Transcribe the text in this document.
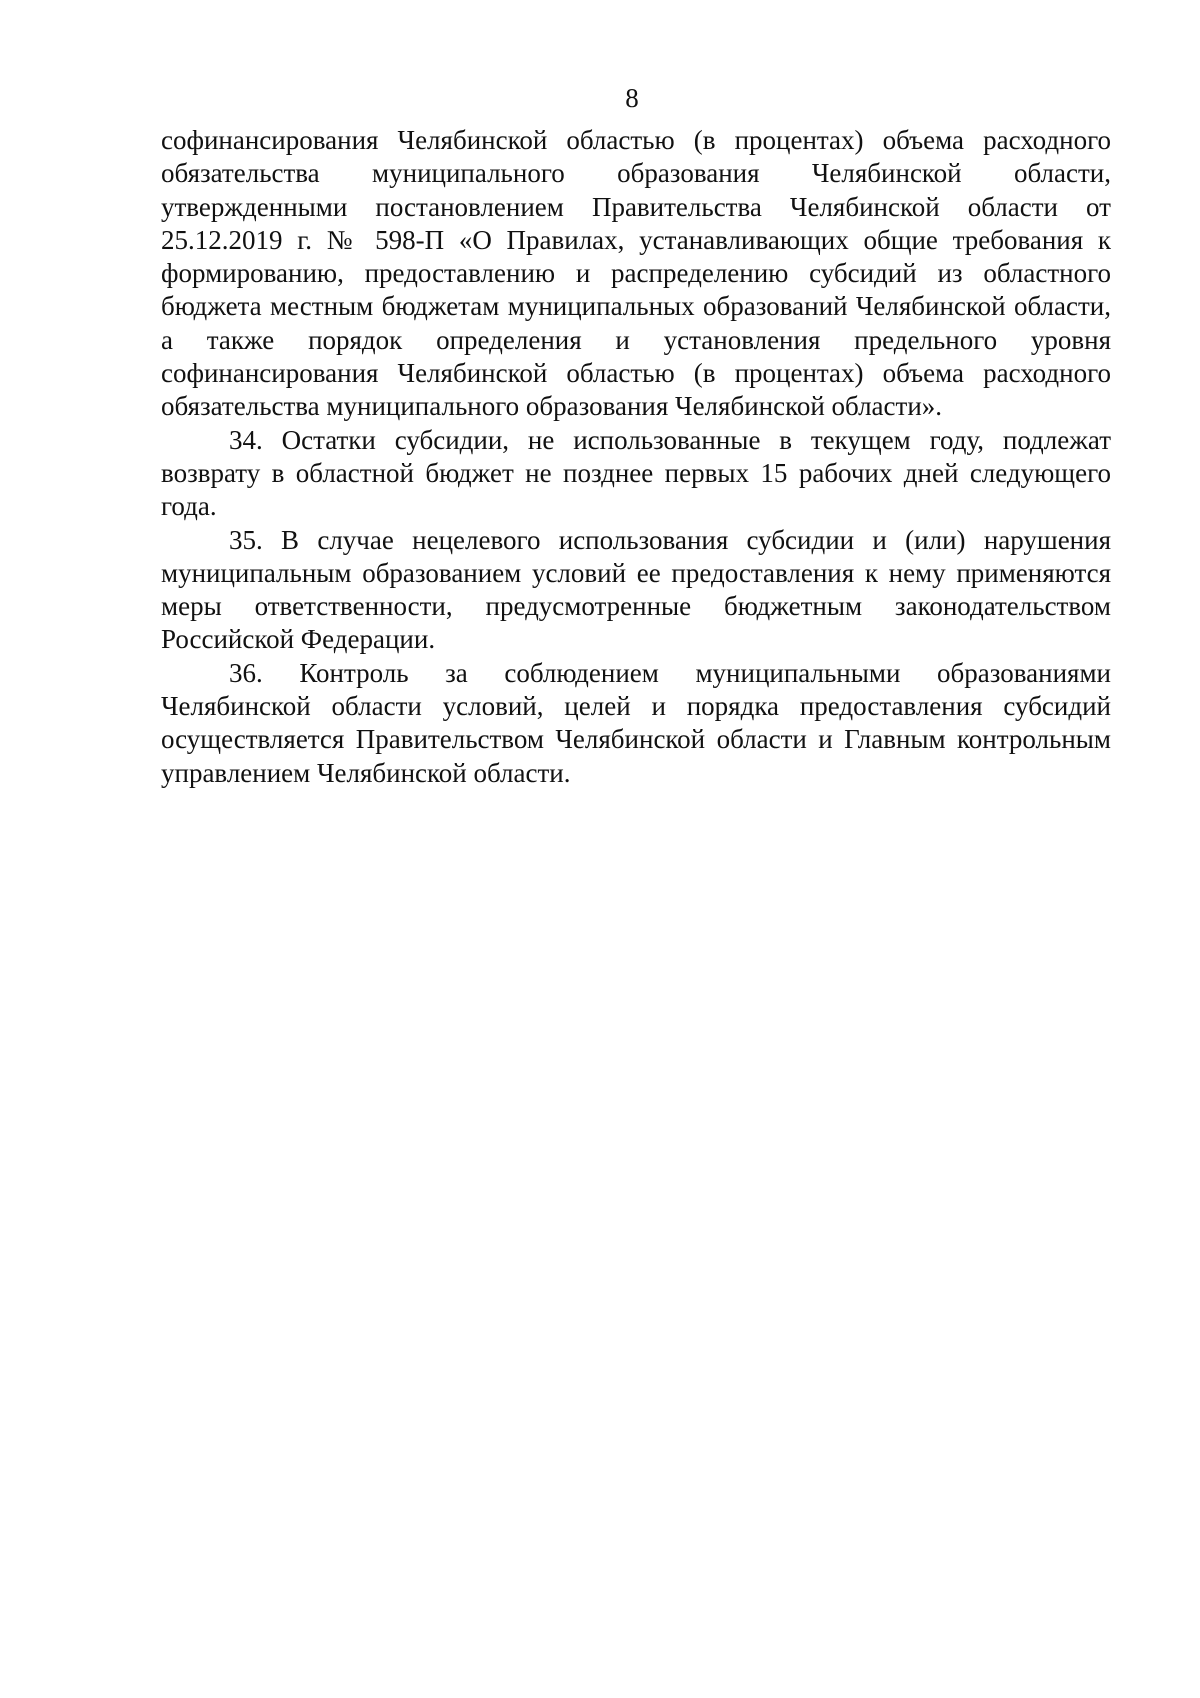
8

софинансирования Челябинской областью (в процентах) объема расходного обязательства муниципального образования Челябинской области, утвержденными постановлением Правительства Челябинской области от 25.12.2019 г. № 598-П «О Правилах, устанавливающих общие требования к формированию, предоставлению и распределению субсидий из областного бюджета местным бюджетам муниципальных образований Челябинской области, а также порядок определения и установления предельного уровня софинансирования Челябинской областью (в процентах) объема расходного обязательства муниципального образования Челябинской области».

34. Остатки субсидии, не использованные в текущем году, подлежат возврату в областной бюджет не позднее первых 15 рабочих дней следующего года.

35. В случае нецелевого использования субсидии и (или) нарушения муниципальным образованием условий ее предоставления к нему применяются меры ответственности, предусмотренные бюджетным законодательством Российской Федерации.

36. Контроль за соблюдением муниципальными образованиями Челябинской области условий, целей и порядка предоставления субсидий осуществляется Правительством Челябинской области и Главным контрольным управлением Челябинской области.
